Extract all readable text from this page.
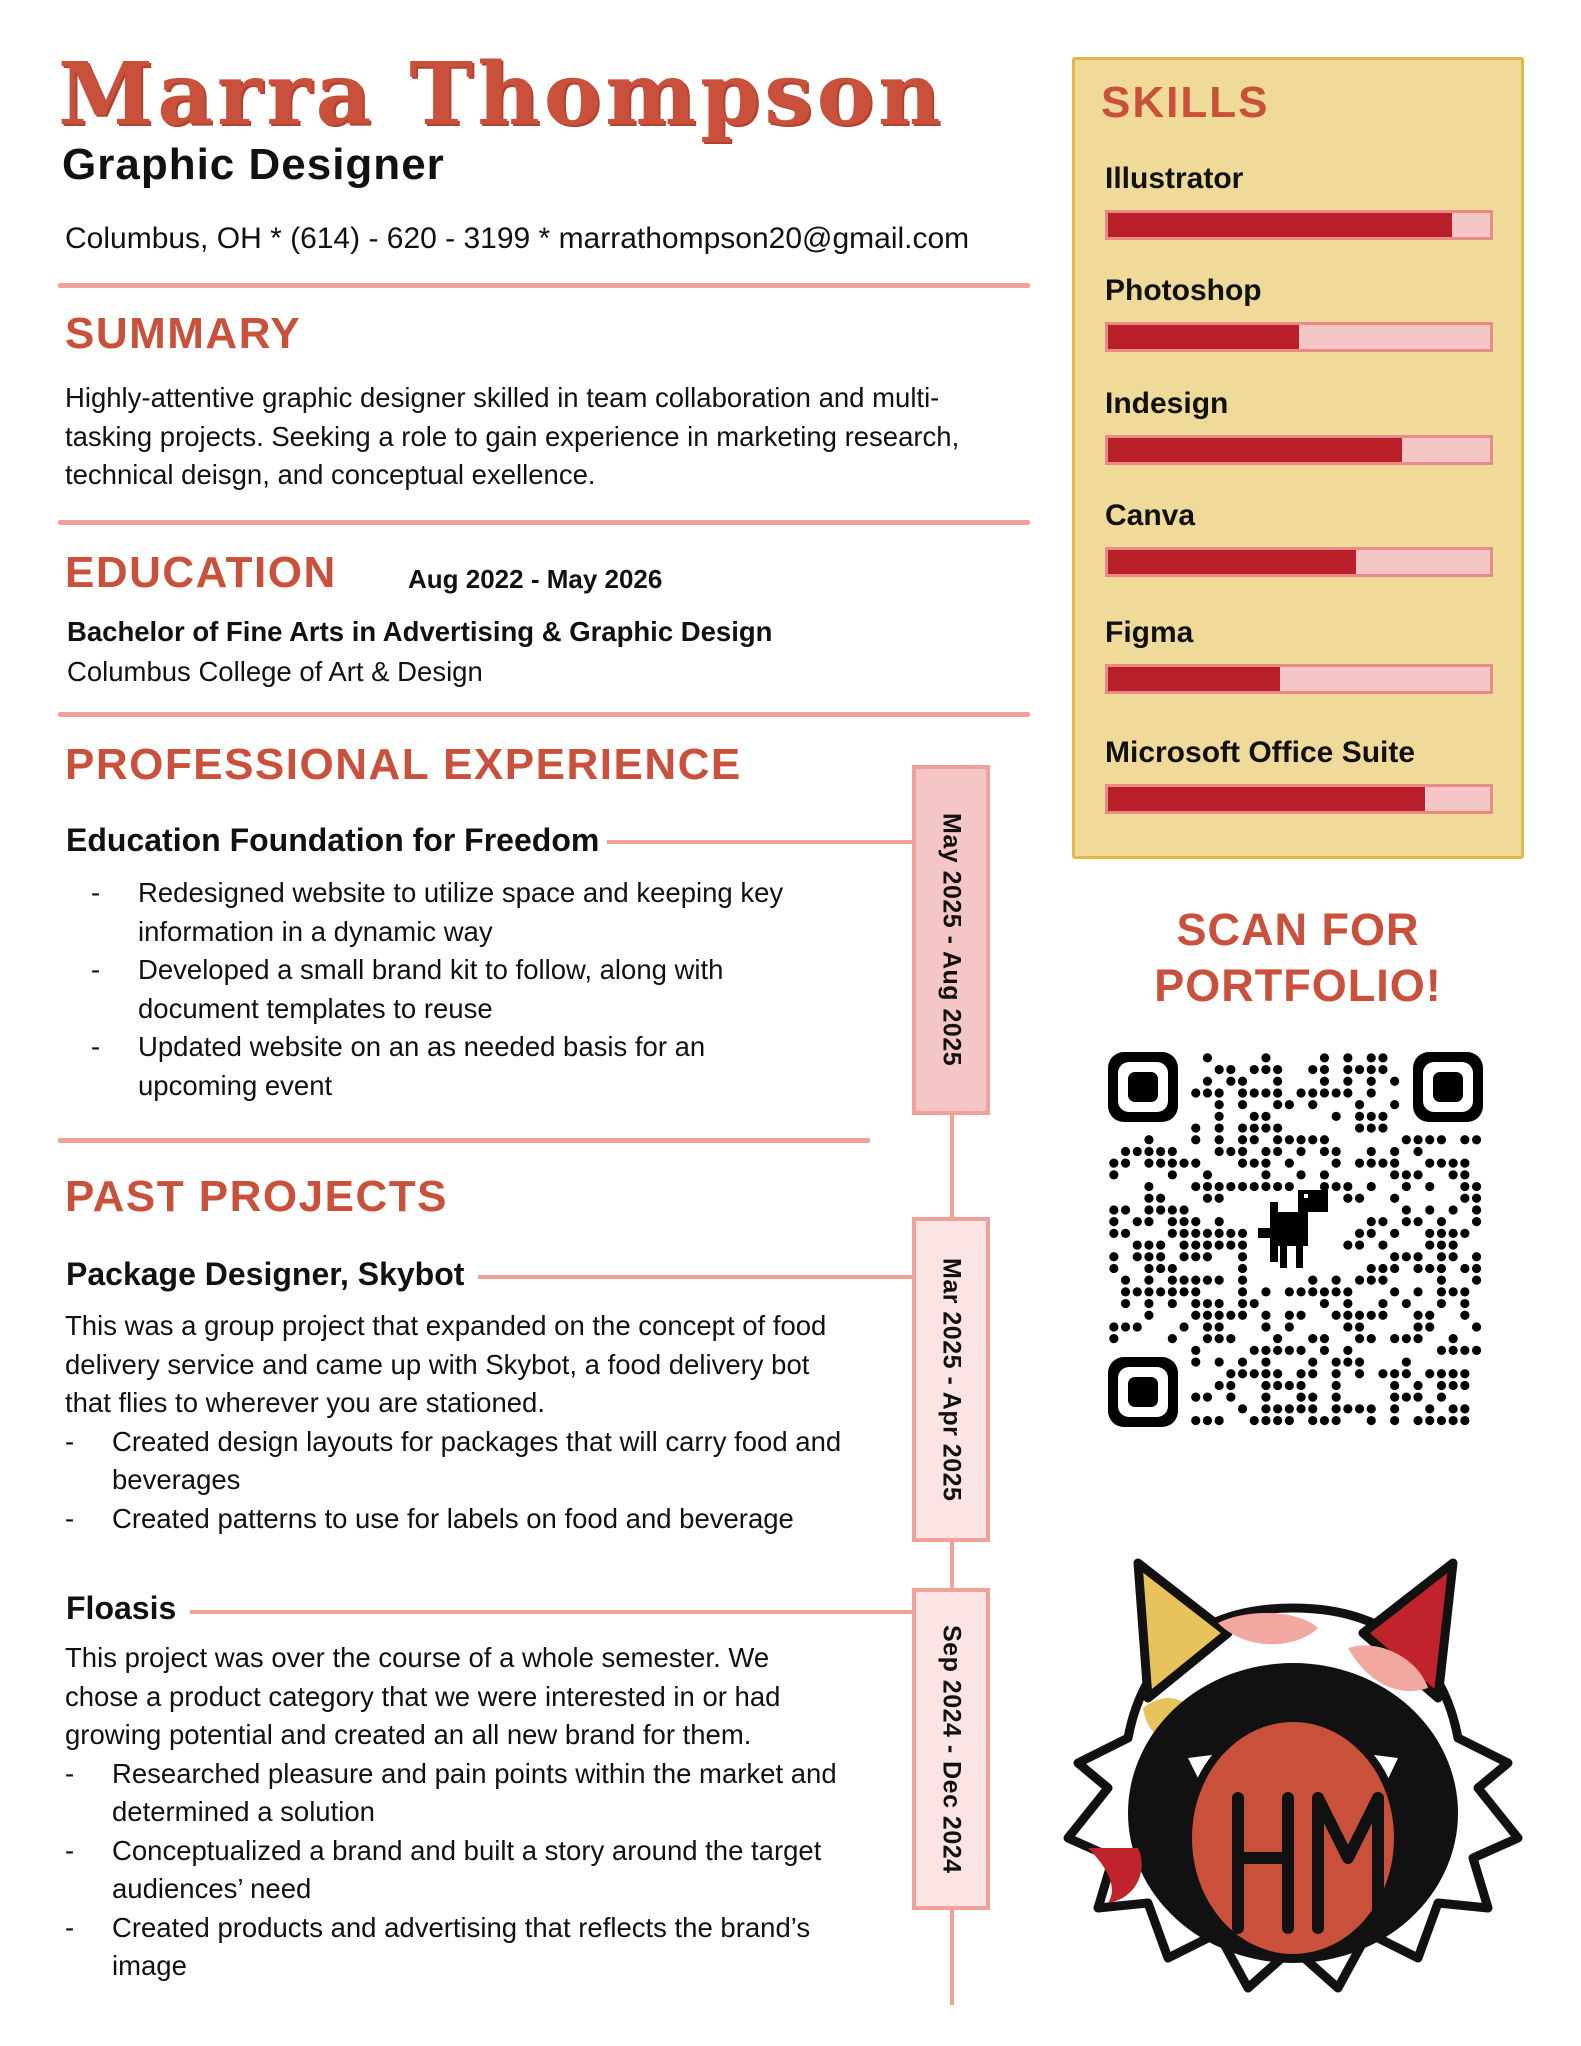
Marra Thompson
Graphic Designer
Columbus, OH * (614) - 620 - 3199 * marrathompson20@gmail.com
SUMMARY
Highly-attentive graphic designer skilled in team collaboration and multi-tasking projects. Seeking a role to gain experience in marketing research, technical deisgn, and conceptual exellence.
EDUCATION	Aug 2022 - May 2026
Bachelor of Fine Arts in Advertising & Graphic Design
Columbus College of Art & Design
PROFESSIONAL EXPERIENCE
Education Foundation for Freedom	May 2025 - Aug 2025
- Redesigned website to utilize space and keeping key information in a dynamic way
- Developed a small brand kit to follow, along with document templates to reuse
- Updated website on an as needed basis for an upcoming event
PAST PROJECTS
Package Designer, Skybot	Mar 2025 - Apr 2025

This was a group project that expanded on the concept of food delivery service and came up with Skybot, a food delivery bot that flies to wherever you are stationed.

- Created design layouts for packages that will carry food and beverages
- Created patterns to use for labels on food and beverage
Floasis
Sep 2024 - Dec 2024

This project was over the course of a whole semester. We chose a product category that we were interested in or had growing potential and created an all new brand for them.

- Researched pleasure and pain points within the market and determined a solution
- Conceptualized a brand and built a story around the target audiences’ need
- Created products and advertising that reflects the brand’s image
SKILLS
Illustrator
Photoshop
Indesign
Canva
Figma
Microsoft Office Suite
SCAN FOR PORTFOLIO!
